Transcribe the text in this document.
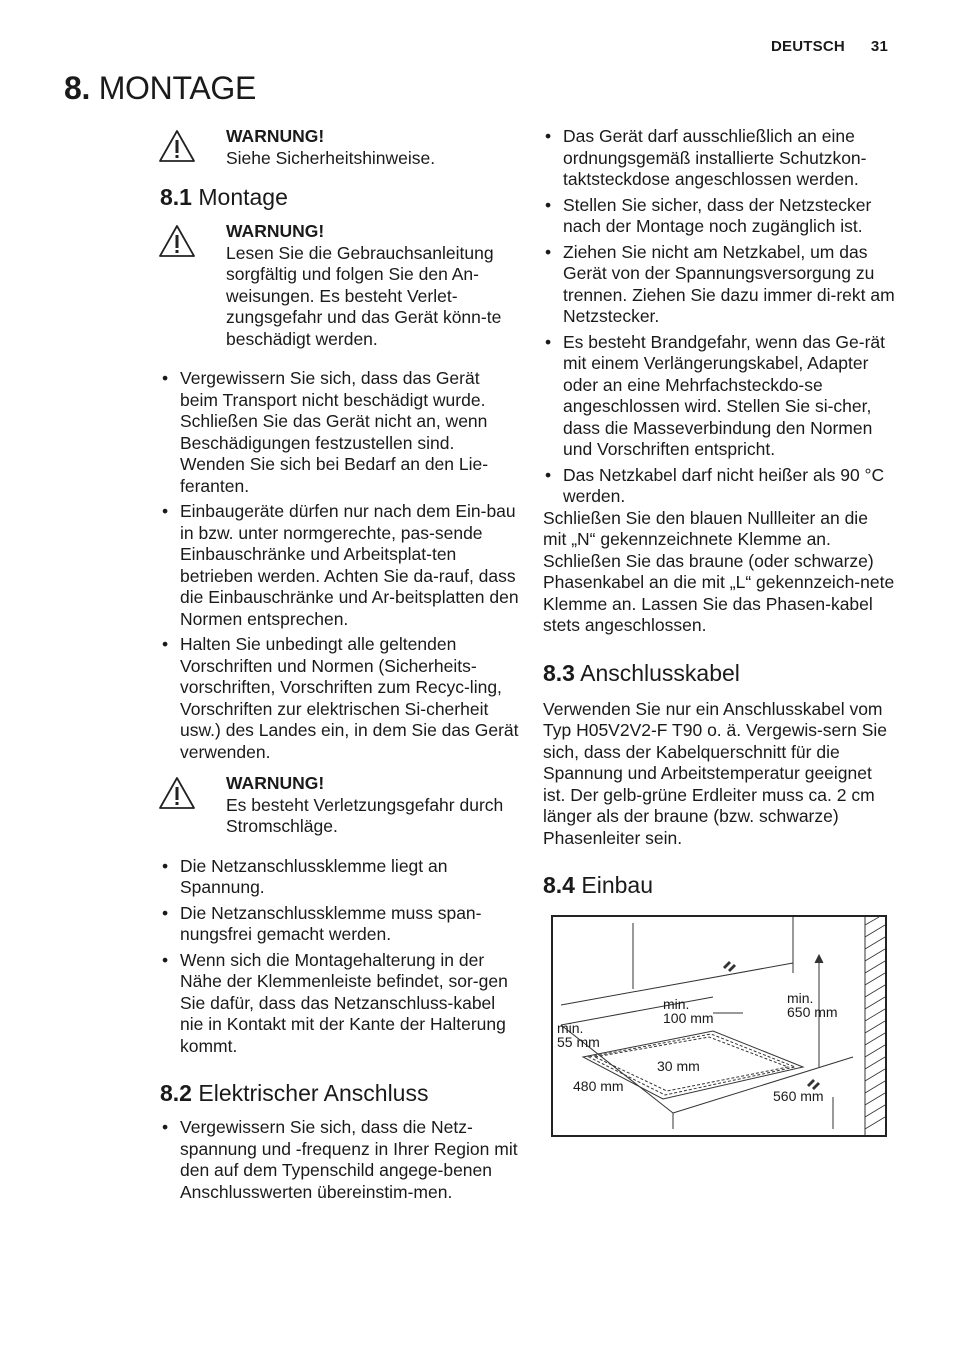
DEUTSCH 31
8. MONTAGE
WARNUNG!
Siehe Sicherheitshinweise.
8.1 Montage
WARNUNG!
Lesen Sie die Gebrauchsanleitung sorgfältig und folgen Sie den An-weisungen. Es besteht Verlet-zungsgefahr und das Gerät könn-te beschädigt werden.
• Vergewissern Sie sich, dass das Gerät beim Transport nicht beschädigt wurde. Schließen Sie das Gerät nicht an, wenn Beschädigungen festzustellen sind. Wenden Sie sich bei Bedarf an den Lie-feranten.
• Einbaugeräte dürfen nur nach dem Ein-bau in bzw. unter normgerechte, pas-sende Einbauschränke und Arbeitsplat-ten betrieben werden. Achten Sie da-rauf, dass die Einbauschränke und Ar-beitsplatten den Normen entsprechen.
• Halten Sie unbedingt alle geltenden Vorschriften und Normen (Sicherheits-vorschriften, Vorschriften zum Recyc-ling, Vorschriften zur elektrischen Si-cherheit usw.) des Landes ein, in dem Sie das Gerät verwenden.
WARNUNG!
Es besteht Verletzungsgefahr durch Stromschläge.
• Die Netzanschlussklemme liegt an Spannung.
• Die Netzanschlussklemme muss span-nungsfrei gemacht werden.
• Wenn sich die Montagehalterung in der Nähe der Klemmenleiste befindet, sor-gen Sie dafür, dass das Netzanschluss-kabel nie in Kontakt mit der Kante der Halterung kommt.
8.2 Elektrischer Anschluss
• Vergewissern Sie sich, dass die Netz-spannung und -frequenz in Ihrer Region mit den auf dem Typenschild angege-benen Anschlusswerten übereinstim-men.
• Das Gerät darf ausschließlich an eine ordnungsgemäß installierte Schutzkon-taktsteckdose angeschlossen werden.
• Stellen Sie sicher, dass der Netzstecker nach der Montage noch zugänglich ist.
• Ziehen Sie nicht am Netzkabel, um das Gerät von der Spannungsversorgung zu trennen. Ziehen Sie dazu immer di-rekt am Netzstecker.
• Es besteht Brandgefahr, wenn das Ge-rät mit einem Verlängerungskabel, Adapter oder an eine Mehrfachsteckdo-se angeschlossen wird. Stellen Sie si-cher, dass die Masseverbindung den Normen und Vorschriften entspricht.
• Das Netzkabel darf nicht heißer als 90 °C werden.

Schließen Sie den blauen Nullleiter an die mit „N“ gekennzeichnete Klemme an. Schließen Sie das braune (oder schwarze) Phasenkabel an die mit „L“ gekennzeich-nete Klemme an. Lassen Sie das Phasen-kabel stets angeschlossen.

8.3 Anschlusskabel

Verwenden Sie nur ein Anschlusskabel vom Typ H05V2V2-F T90 o. ä. Vergewis-sern Sie sich, dass der Kabelquerschnitt für die Spannung und Arbeitstemperatur geeignet ist. Der gelb-grüne Erdleiter muss ca. 2 cm länger als der braune (bzw. schwarze) Phasenleiter sein.

8.4 Einbau
min.
100 mm
min.
650 mm
min.
55 mm
30 mm
480 mm
560 mm
